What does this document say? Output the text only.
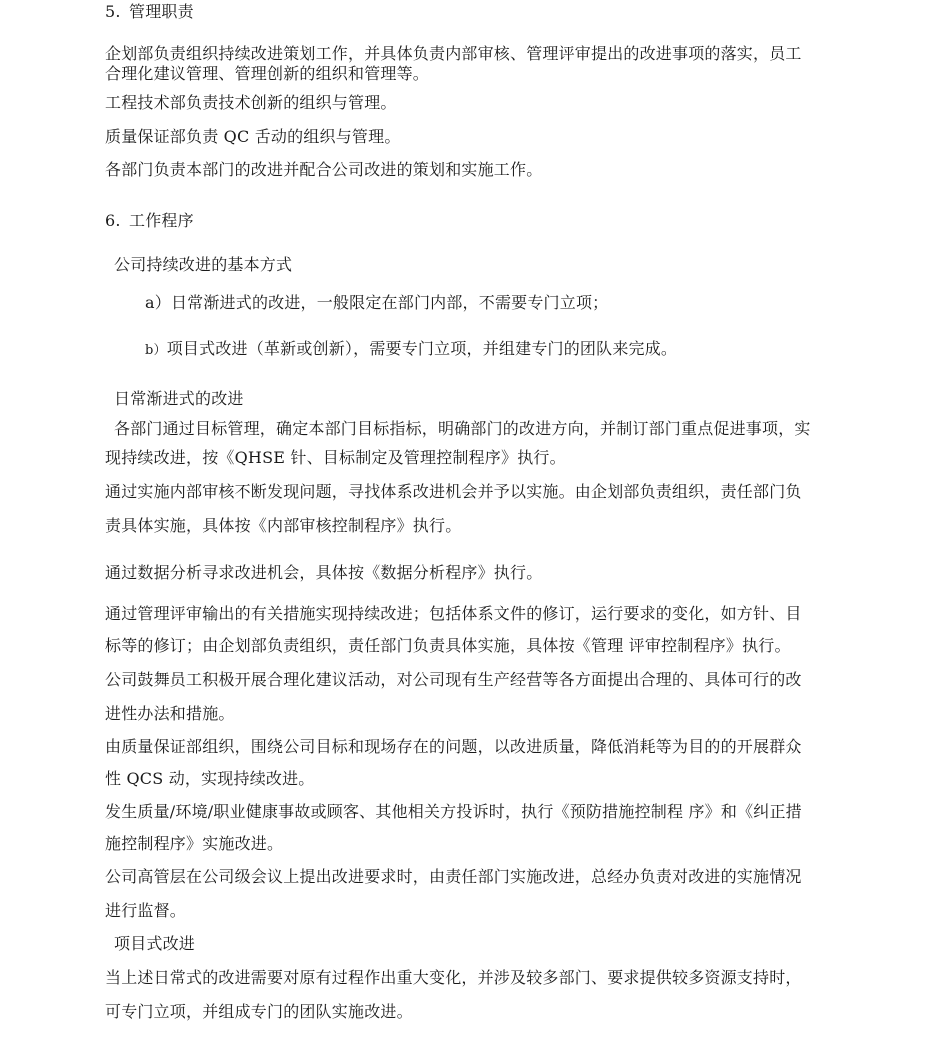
5. 管理职责
企划部负责组织持续改进策划工作，并具体负责内部审核、管理评审提出的改进事项的落实，员工
合理化建议管理、管理创新的组织和管理等。
工程技术部负责技术创新的组织与管理。
质量保证部负责 QC 舌动的组织与管理。
各部门负责本部门的改进并配合公司改进的策划和实施工作。
6. 工作程序
公司持续改进的基本方式
a）日常渐进式的改进，一般限定在部门内部，不需要专门立项；
b）项目式改进（革新或创新），需要专门立项，并组建专门的团队来完成。
日常渐进式的改进
各部门通过目标管理，确定本部门目标指标，明确部门的改进方向，并制订部门重点促进事项，实
现持续改进，按《QHSE 针、目标制定及管理控制程序》执行。
通过实施内部审核不断发现问题，寻找体系改进机会并予以实施。由企划部负责组织，责任部门负
责具体实施，具体按《内部审核控制程序》执行。
通过数据分析寻求改进机会，具体按《数据分析程序》执行。
通过管理评审输出的有关措施实现持续改进；包括体系文件的修订，运行要求的变化，如方针、目
标等的修订；由企划部负责组织，责任部门负责具体实施，具体按《管理 评审控制程序》执行。
公司鼓舞员工积极开展合理化建议活动，对公司现有生产经营等各方面提出合理的、具体可行的改
进性办法和措施。
由质量保证部组织，围绕公司目标和现场存在的问题，以改进质量，降低消耗等为目的的开展群众
性 QCS 动，实现持续改进。
发生质量/环境/职业健康事故或顾客、其他相关方投诉时，执行《预防措施控制程 序》和《纠正措
施控制程序》实施改进。
公司高管层在公司级会议上提出改进要求时，由责任部门实施改进，总经办负责对改进的实施情况
进行监督。
项目式改进
当上述日常式的改进需要对原有过程作出重大变化，并涉及较多部门、要求提供较多资源支持时，
可专门立项，并组成专门的团队实施改进。
